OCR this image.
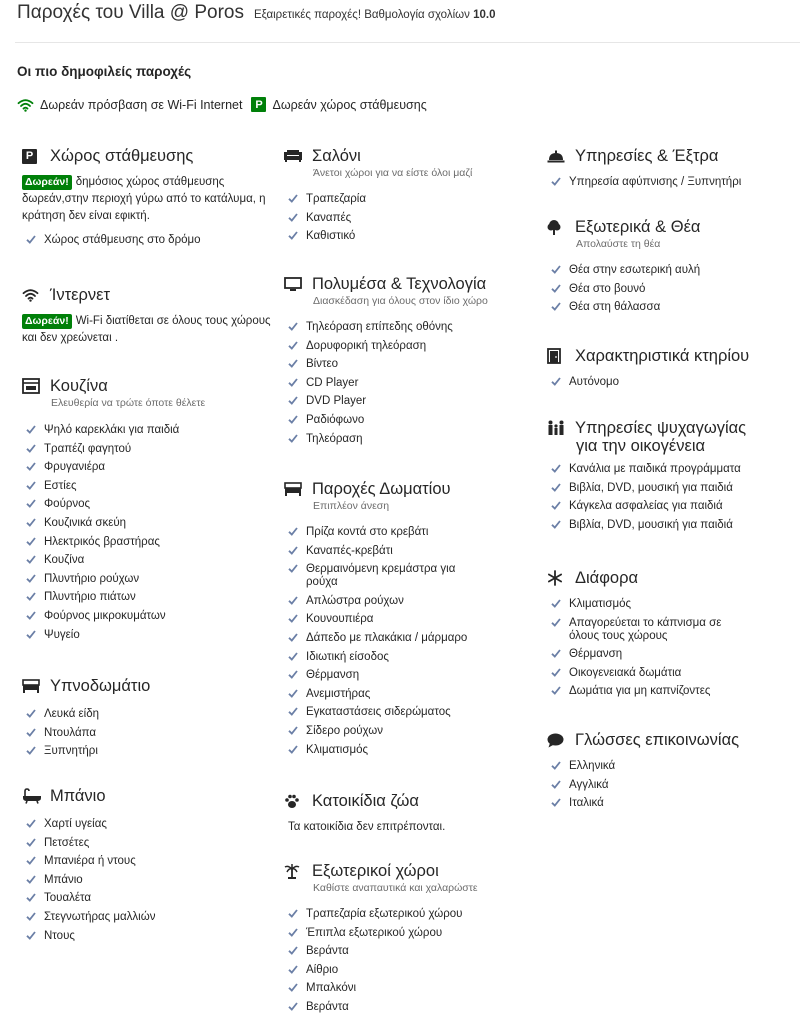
Παροχές του Villa @ Poros Εξαιρετικές παροχές! Βαθμολογία σχολίων 10.0
Οι πιο δημοφιλείς παροχές
Δωρεάν πρόσβαση σε Wi-Fi Internet	P Δωρεάν χώρος στάθμευσης
P Χώρος στάθμευσης
Δωρεάν! δημόσιος χώρος στάθμευσης δωρεάν,στην περιοχή γύρω από το κατάλυμα, η κράτηση δεν είναι εφικτή.
Χώρος στάθμευσης στο δρόμο
Ίντερνετ
Δωρεάν! Wi-Fi διατίθεται σε όλους τους χώρους και δεν χρεώνεται .
Κουζίνα
Ελευθερία να τρώτε όποτε θέλετε
Ψηλό καρεκλάκι για παιδιά
Τραπέζι φαγητού
Φρυγανιέρα
Εστίες
Φούρνος
Κουζινικά σκεύη
Ηλεκτρικός βραστήρας
Κουζίνα
Πλυντήριο ρούχων
Πλυντήριο πιάτων
Φούρνος μικροκυμάτων
Ψυγείο
Υπνοδωμάτιο
Λευκά είδη
Ντουλάπα
Ξυπνητήρι
Μπάνιο
Χαρτί υγείας
Πετσέτες
Μπανιέρα ή ντους
Μπάνιο
Τουαλέτα
Στεγνωτήρας μαλλιών
Ντους
Σαλόνι
Άνετοι χώροι για να είστε όλοι μαζί
Τραπεζαρία
Καναπές
Καθιστικό
Πολυμέσα & Τεχνολογία
Διασκέδαση για όλους στον ίδιο χώρο
Τηλεόραση επίπεδης οθόνης
Δορυφορική τηλεόραση
Βίντεο
CD Player
DVD Player
Ραδιόφωνο
Τηλεόραση
Παροχές Δωματίου
Επιπλέον άνεση
Πρίζα κοντά στο κρεβάτι
Καναπές-κρεβάτι
Θερμαινόμενη κρεμάστρα για ρούχα
Απλώστρα ρούχων
Κουνουπιέρα
Δάπεδο με πλακάκια / μάρμαρο
Ιδιωτική είσοδος
Θέρμανση
Ανεμιστήρας
Εγκαταστάσεις σιδερώματος
Σίδερο ρούχων
Κλιματισμός
Κατοικίδια ζώα
Τα κατοικίδια δεν επιτρέπονται.
Εξωτερικοί χώροι
Καθίστε αναπαυτικά και χαλαρώστε
Τραπεζαρία εξωτερικού χώρου
Έπιπλα εξωτερικού χώρου
Βεράντα
Αίθριο
Μπαλκόνι
Βεράντα
Υπηρεσίες & Έξτρα
Υπηρεσία αφύπνισης / Ξυπνητήρι
Εξωτερικά & Θέα
Απολαύστε τη θέα
Θέα στην εσωτερική αυλή
Θέα στο βουνό
Θέα στη θάλασσα
Χαρακτηριστικά κτηρίου
Αυτόνομο
Υπηρεσίες ψυχαγωγίας
για την οικογένεια
Κανάλια με παιδικά προγράμματα
Βιβλία, DVD, μουσική για παιδιά
Κάγκελα ασφαλείας για παιδιά
Βιβλία, DVD, μουσική για παιδιά
Διάφορα
Κλιματισμός
Απαγορεύεται το κάπνισμα σε όλους τους χώρους
Θέρμανση
Οικογενειακά δωμάτια
Δωμάτια για μη καπνίζοντες
Γλώσσες επικοινωνίας
Ελληνικά
Αγγλικά
Ιταλικά
